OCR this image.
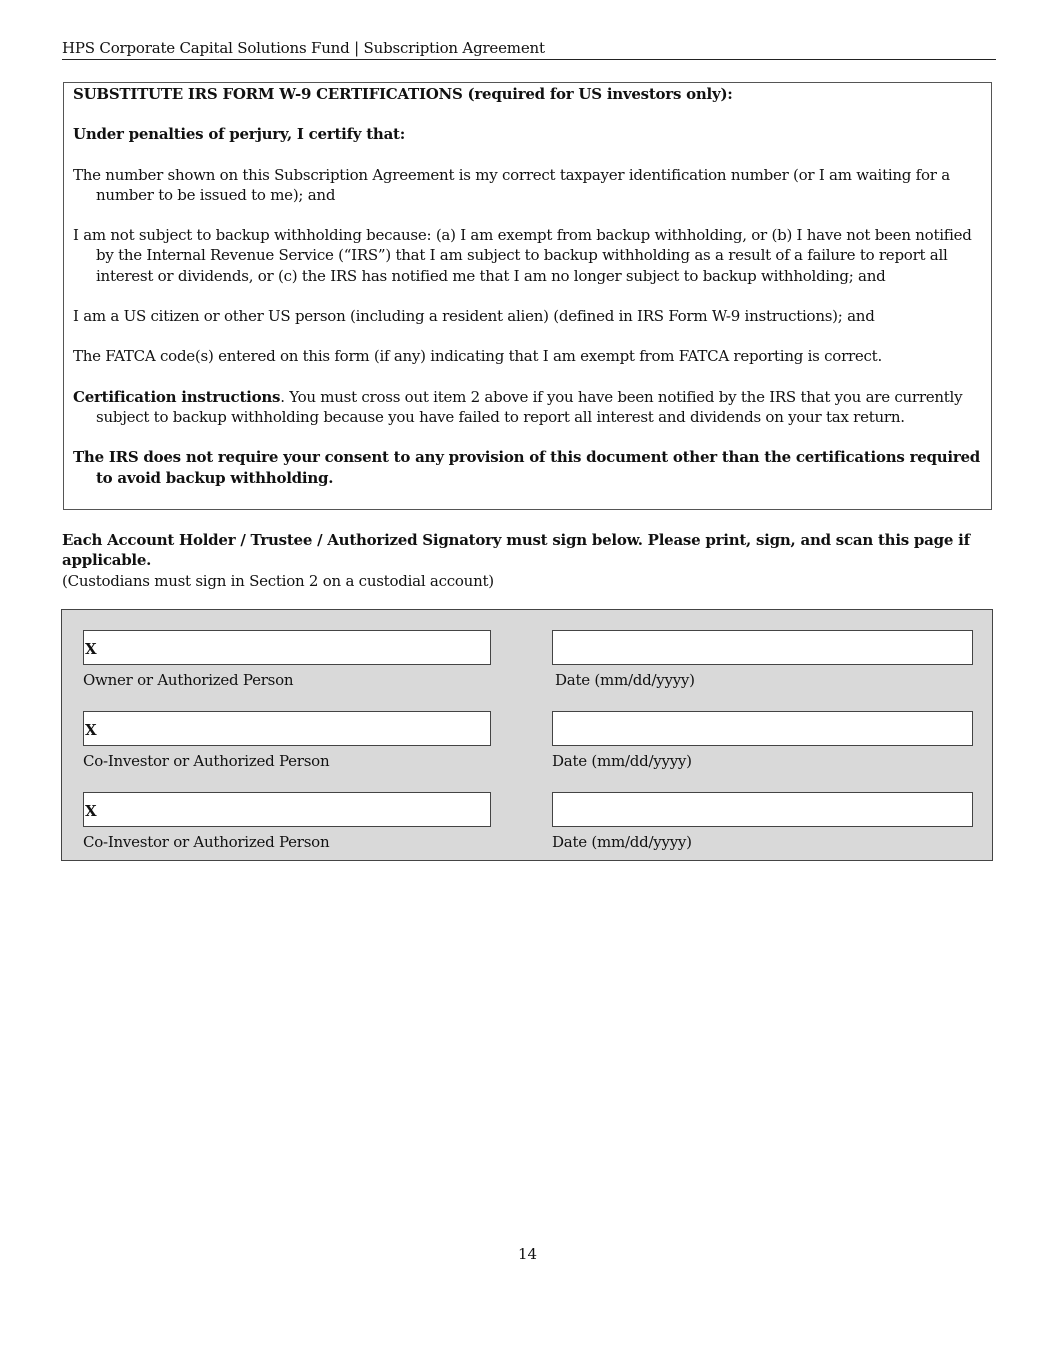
HPS Corporate Capital Solutions Fund | Subscription Agreement

SUBSTITUTE IRS FORM W-9 CERTIFICATIONS (required for US investors only):

Under penalties of perjury, I certify that:

The number shown on this Subscription Agreement is my correct taxpayer identification number (or I am waiting for a number to be issued to me); and

I am not subject to backup withholding because: (a) I am exempt from backup withholding, or (b) I have not been notified by the Internal Revenue Service (“IRS”) that I am subject to backup withholding as a result of a failure to report all interest or dividends, or (c) the IRS has notified me that I am no longer subject to backup withholding; and

I am a US citizen or other US person (including a resident alien) (defined in IRS Form W-9 instructions); and

The FATCA code(s) entered on this form (if any) indicating that I am exempt from FATCA reporting is correct.

Certification instructions. You must cross out item 2 above if you have been notified by the IRS that you are currently subject to backup withholding because you have failed to report all interest and dividends on your tax return.

The IRS does not require your consent to any provision of this document other than the certifications required to avoid backup withholding.

Each Account Holder / Trustee / Authorized Signatory must sign below. Please print, sign, and scan this page if applicable.
(Custodians must sign in Section 2 on a custodial account)
X
Owner or Authorized Person	Date (mm/dd/yyyy)
X
Co-Investor or Authorized Person	Date (mm/dd/yyyy)
X
Co-Investor or Authorized Person	Date (mm/dd/yyyy)
14
